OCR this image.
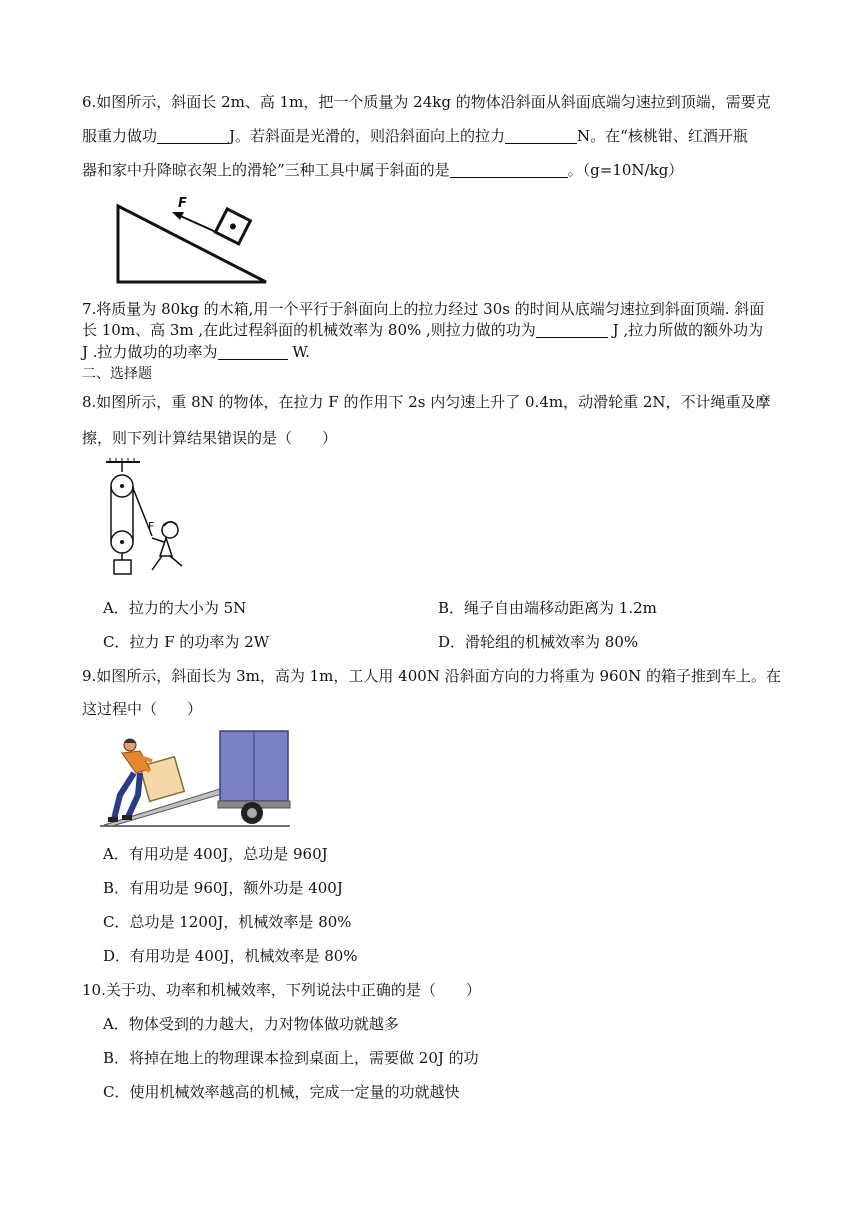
6.如图所示，斜面长 2m、高 1m，把一个质量为 24kg 的物体沿斜面从斜面底端匀速拉到顶端，需要克
服重力做功	J。若斜面是光滑的，则沿斜面向上的拉力	N。在“核桃钳、红酒开瓶
器和家中升降晾衣架上的滑轮”三种工具中属于斜面的是	。（g=10N/kg）
F
7.将质量为 80kg 的木箱,用一个平行于斜面向上的拉力经过 30s 的时间从底端匀速拉到斜面顶端. 斜面
长 10m、高 3m ,在此过程斜面的机械效率为 80% ,则拉力做的功为	J ,拉力所做的额外功为
J .拉力做功的功率为	W.
二、选择题
8.如图所示，重 8N 的物体，在拉力 F 的作用下 2s 内匀速上升了 0.4m，动滑轮重 2N，不计绳重及摩
擦，则下列计算结果错误的是（　　）
F
A．拉力的大小为 5N	B．绳子自由端移动距离为 1.2m
C．拉力 F 的功率为 2W	D．滑轮组的机械效率为 80%
9.如图所示，斜面长为 3m，高为 1m，工人用 400N 沿斜面方向的力将重为 960N 的箱子推到车上。在
这过程中（　　）
A．有用功是 400J，总功是 960J
B．有用功是 960J，额外功是 400J
C．总功是 1200J，机械效率是 80%
D．有用功是 400J，机械效率是 80%
10.关于功、功率和机械效率，下列说法中正确的是（　　）
A．物体受到的力越大，力对物体做功就越多
B．将掉在地上的物理课本捡到桌面上，需要做 20J 的功
C．使用机械效率越高的机械，完成一定量的功就越快
